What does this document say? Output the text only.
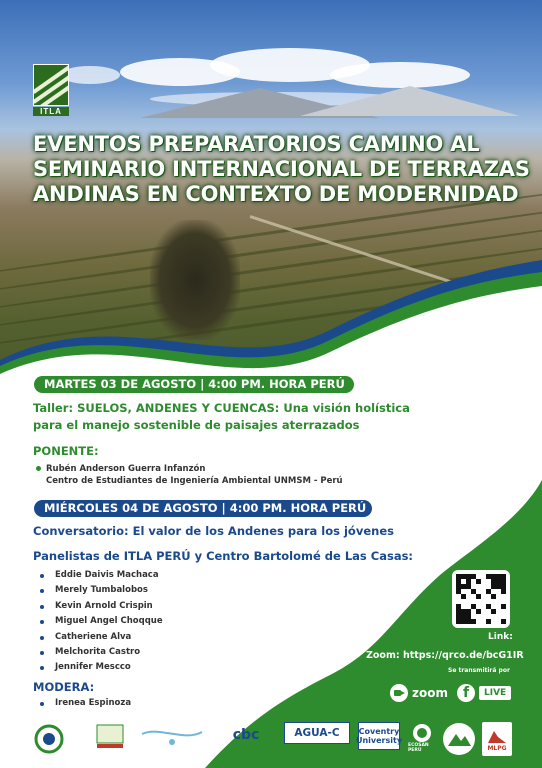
ITLA
EVENTOS PREPARATORIOS CAMINO AL
SEMINARIO INTERNACIONAL DE TERRAZAS
ANDINAS EN CONTEXTO DE MODERNIDAD
MARTES 03 DE AGOSTO | 4:00 PM. HORA PERÚ
Taller: SUELOS, ANDENES Y CUENCAS: Una visión holística
para el manejo sostenible de paisajes aterrazados
PONENTE:
Rubén Anderson Guerra Infanzón
Centro de Estudiantes de Ingeniería Ambiental UNMSM - Perú
MIÉRCOLES 04 DE AGOSTO | 4:00 PM. HORA PERÚ
Conversatorio: El valor de los Andenes para los jóvenes
Panelistas de ITLA PERÚ y Centro Bartolomé de Las Casas:
Eddie Daivis Machaca
Merely Tumbalobos
Kevin Arnold Crispin
Miguel Angel Choqque
Catheriene Alva
Melchorita Castro
Jennifer Mescco
MODERA:
Irenea Espinoza
Link:
Zoom: https://qrco.de/bcG1IR
Se transmitirá por
zoom	f	LIVE
cbc	AGUA-C Coventry
University
ECOSAN PERÚ	MLPG
